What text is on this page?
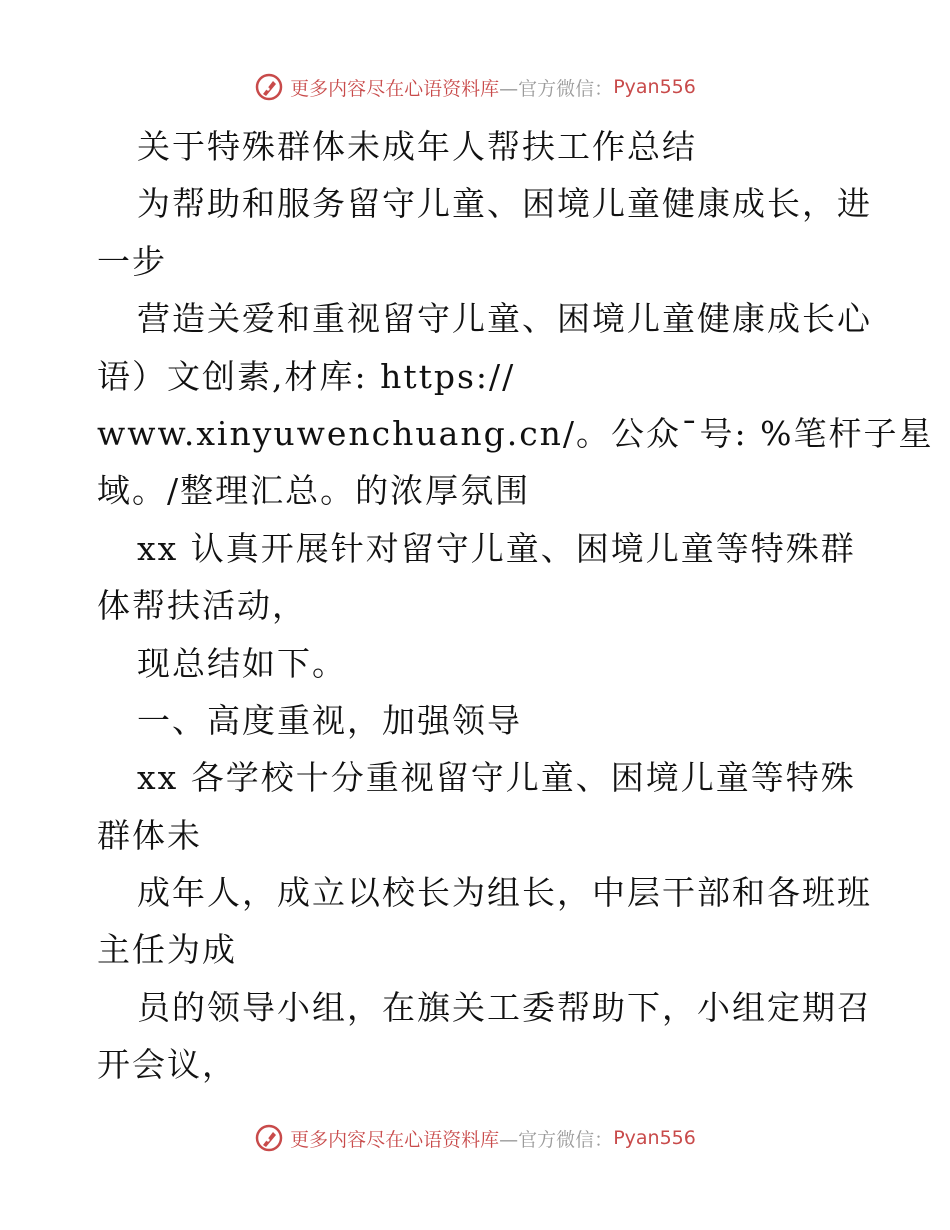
更多内容尽在心语资料库 —官方微信： Pyan556
关于特殊群体未成年人帮扶工作总结
为帮助和服务留守儿童、困境儿童健康成长，进
一步
营造关爱和重视留守儿童、困境儿童健康成长心
语）文创素,材库: https://
www.xinyuwenchuang.cn/。公众¯号: %笔杆子星
域。/整理汇总。的浓厚氛围
xx 认真开展针对留守儿童、困境儿童等特殊群
体帮扶活动，
现总结如下。
一、高度重视，加强领导
xx 各学校十分重视留守儿童、困境儿童等特殊
群体未
成年人，成立以校长为组长，中层干部和各班班
主任为成
员的领导小组，在旗关工委帮助下，小组定期召
开会议，
更多内容尽在心语资料库 —官方微信： Pyan556
